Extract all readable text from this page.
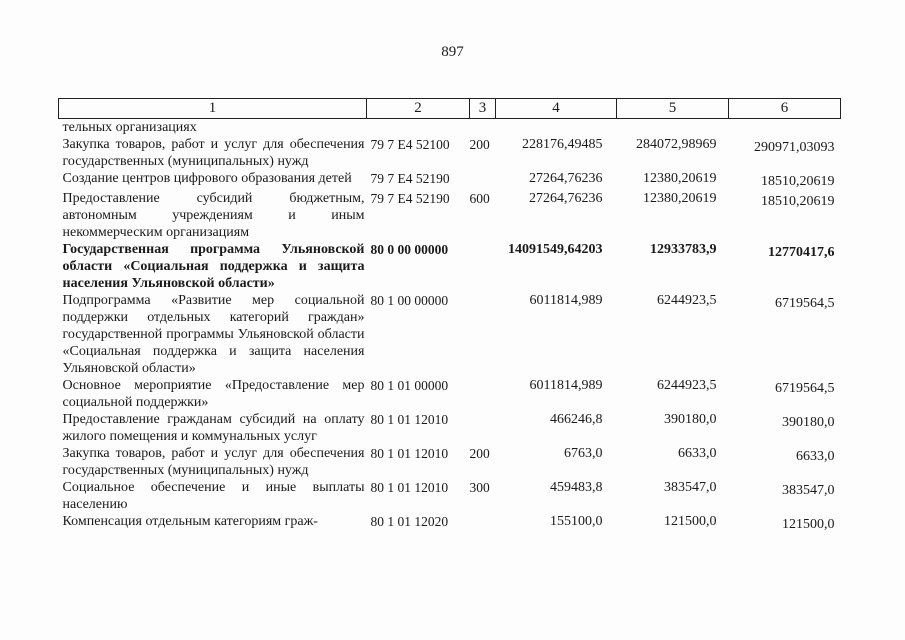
897
1	2	3	4	5	6
тельных организациях					
Закупка товаров, работ и услуг для обеспечения государственных (муниципальных) нужд	79 7 Е4 52100	200	228176,49485	284072,98969	290971,03093
Создание центров цифрового образования детей	79 7 Е4 52190		27264,76236	12380,20619	18510,20619
Предоставление субсидий бюджетным, автономным учреждениям и иным некоммерческим организациям	79 7 Е4 52190	600	27264,76236	12380,20619	18510,20619
Государственная программа Ульяновской области «Социальная поддержка и защита населения Ульяновской области»	80 0 00 00000		14091549,64203	12933783,9	12770417,6
Подпрограмма «Развитие мер социальной поддержки отдельных категорий граждан» государственной программы Ульяновской области «Социальная поддержка и защита населения Ульяновской области»	80 1 00 00000		6011814,989	6244923,5	6719564,5
Основное мероприятие «Предоставление мер социальной поддержки»	80 1 01 00000		6011814,989	6244923,5	6719564,5
Предоставление гражданам субсидий на оплату жилого помещения и коммунальных услуг	80 1 01 12010		466246,8	390180,0	390180,0
Закупка товаров, работ и услуг для обеспечения государственных (муниципальных) нужд	80 1 01 12010	200	6763,0	6633,0	6633,0
Социальное обеспечение и иные выплаты населению	80 1 01 12010	300	459483,8	383547,0	383547,0
Компенсация отдельным категориям граж-	80 1 01 12020		155100,0	121500,0	121500,0
